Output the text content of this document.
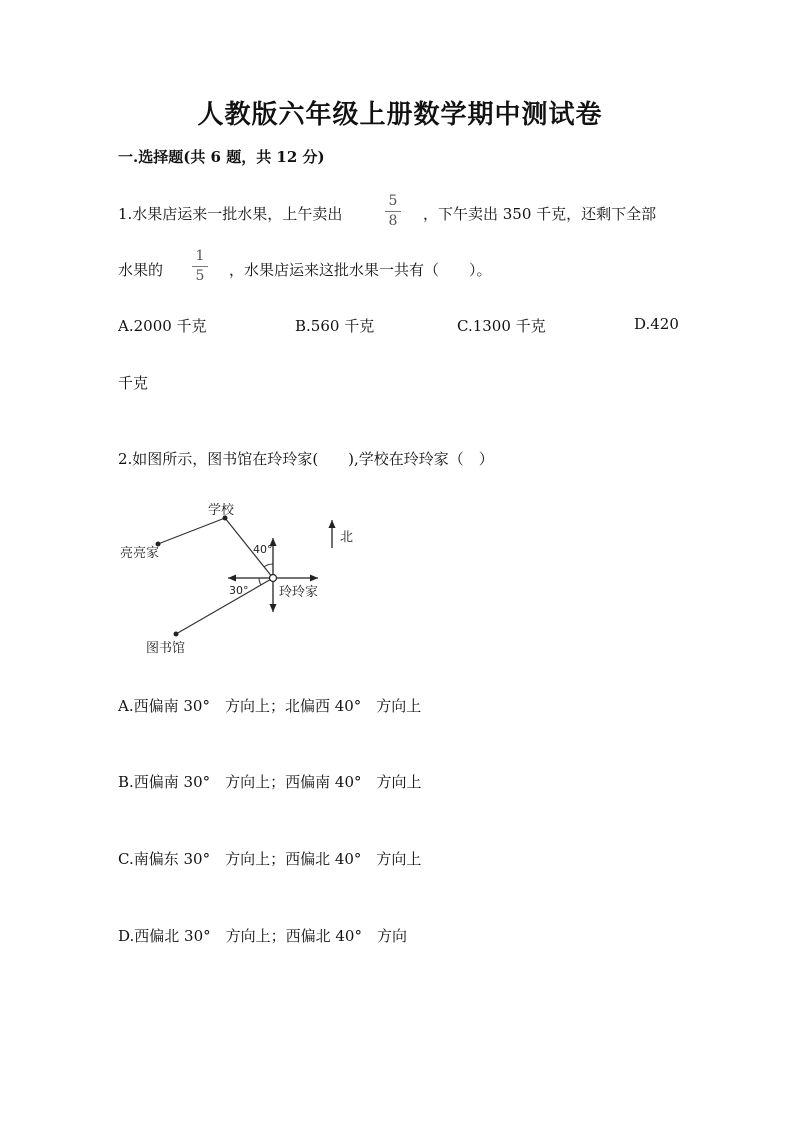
人教版六年级上册数学期中测试卷
一.选择题(共 6 题，共 12 分)
1.水果店运来一批水果，上午卖出
5
8	，下午卖出 350 千克，还剩下全部
水果的
1
5	，水果店运来这批水果一共有（　　）。
A.2000 千克	B.560 千克	C.1300 千克	D.420
千克
2.如图所示，图书馆在玲玲家(　　),学校在玲玲家（　）
学校
亮亮家
玲玲家
图书馆
北
40°
30°
A.西偏南 30°　方向上；北偏西 40°　方向上
B.西偏南 30°　方向上；西偏南 40°　方向上
C.南偏东 30°　方向上；西偏北 40°　方向上
D.西偏北 30°　方向上；西偏北 40°　方向
